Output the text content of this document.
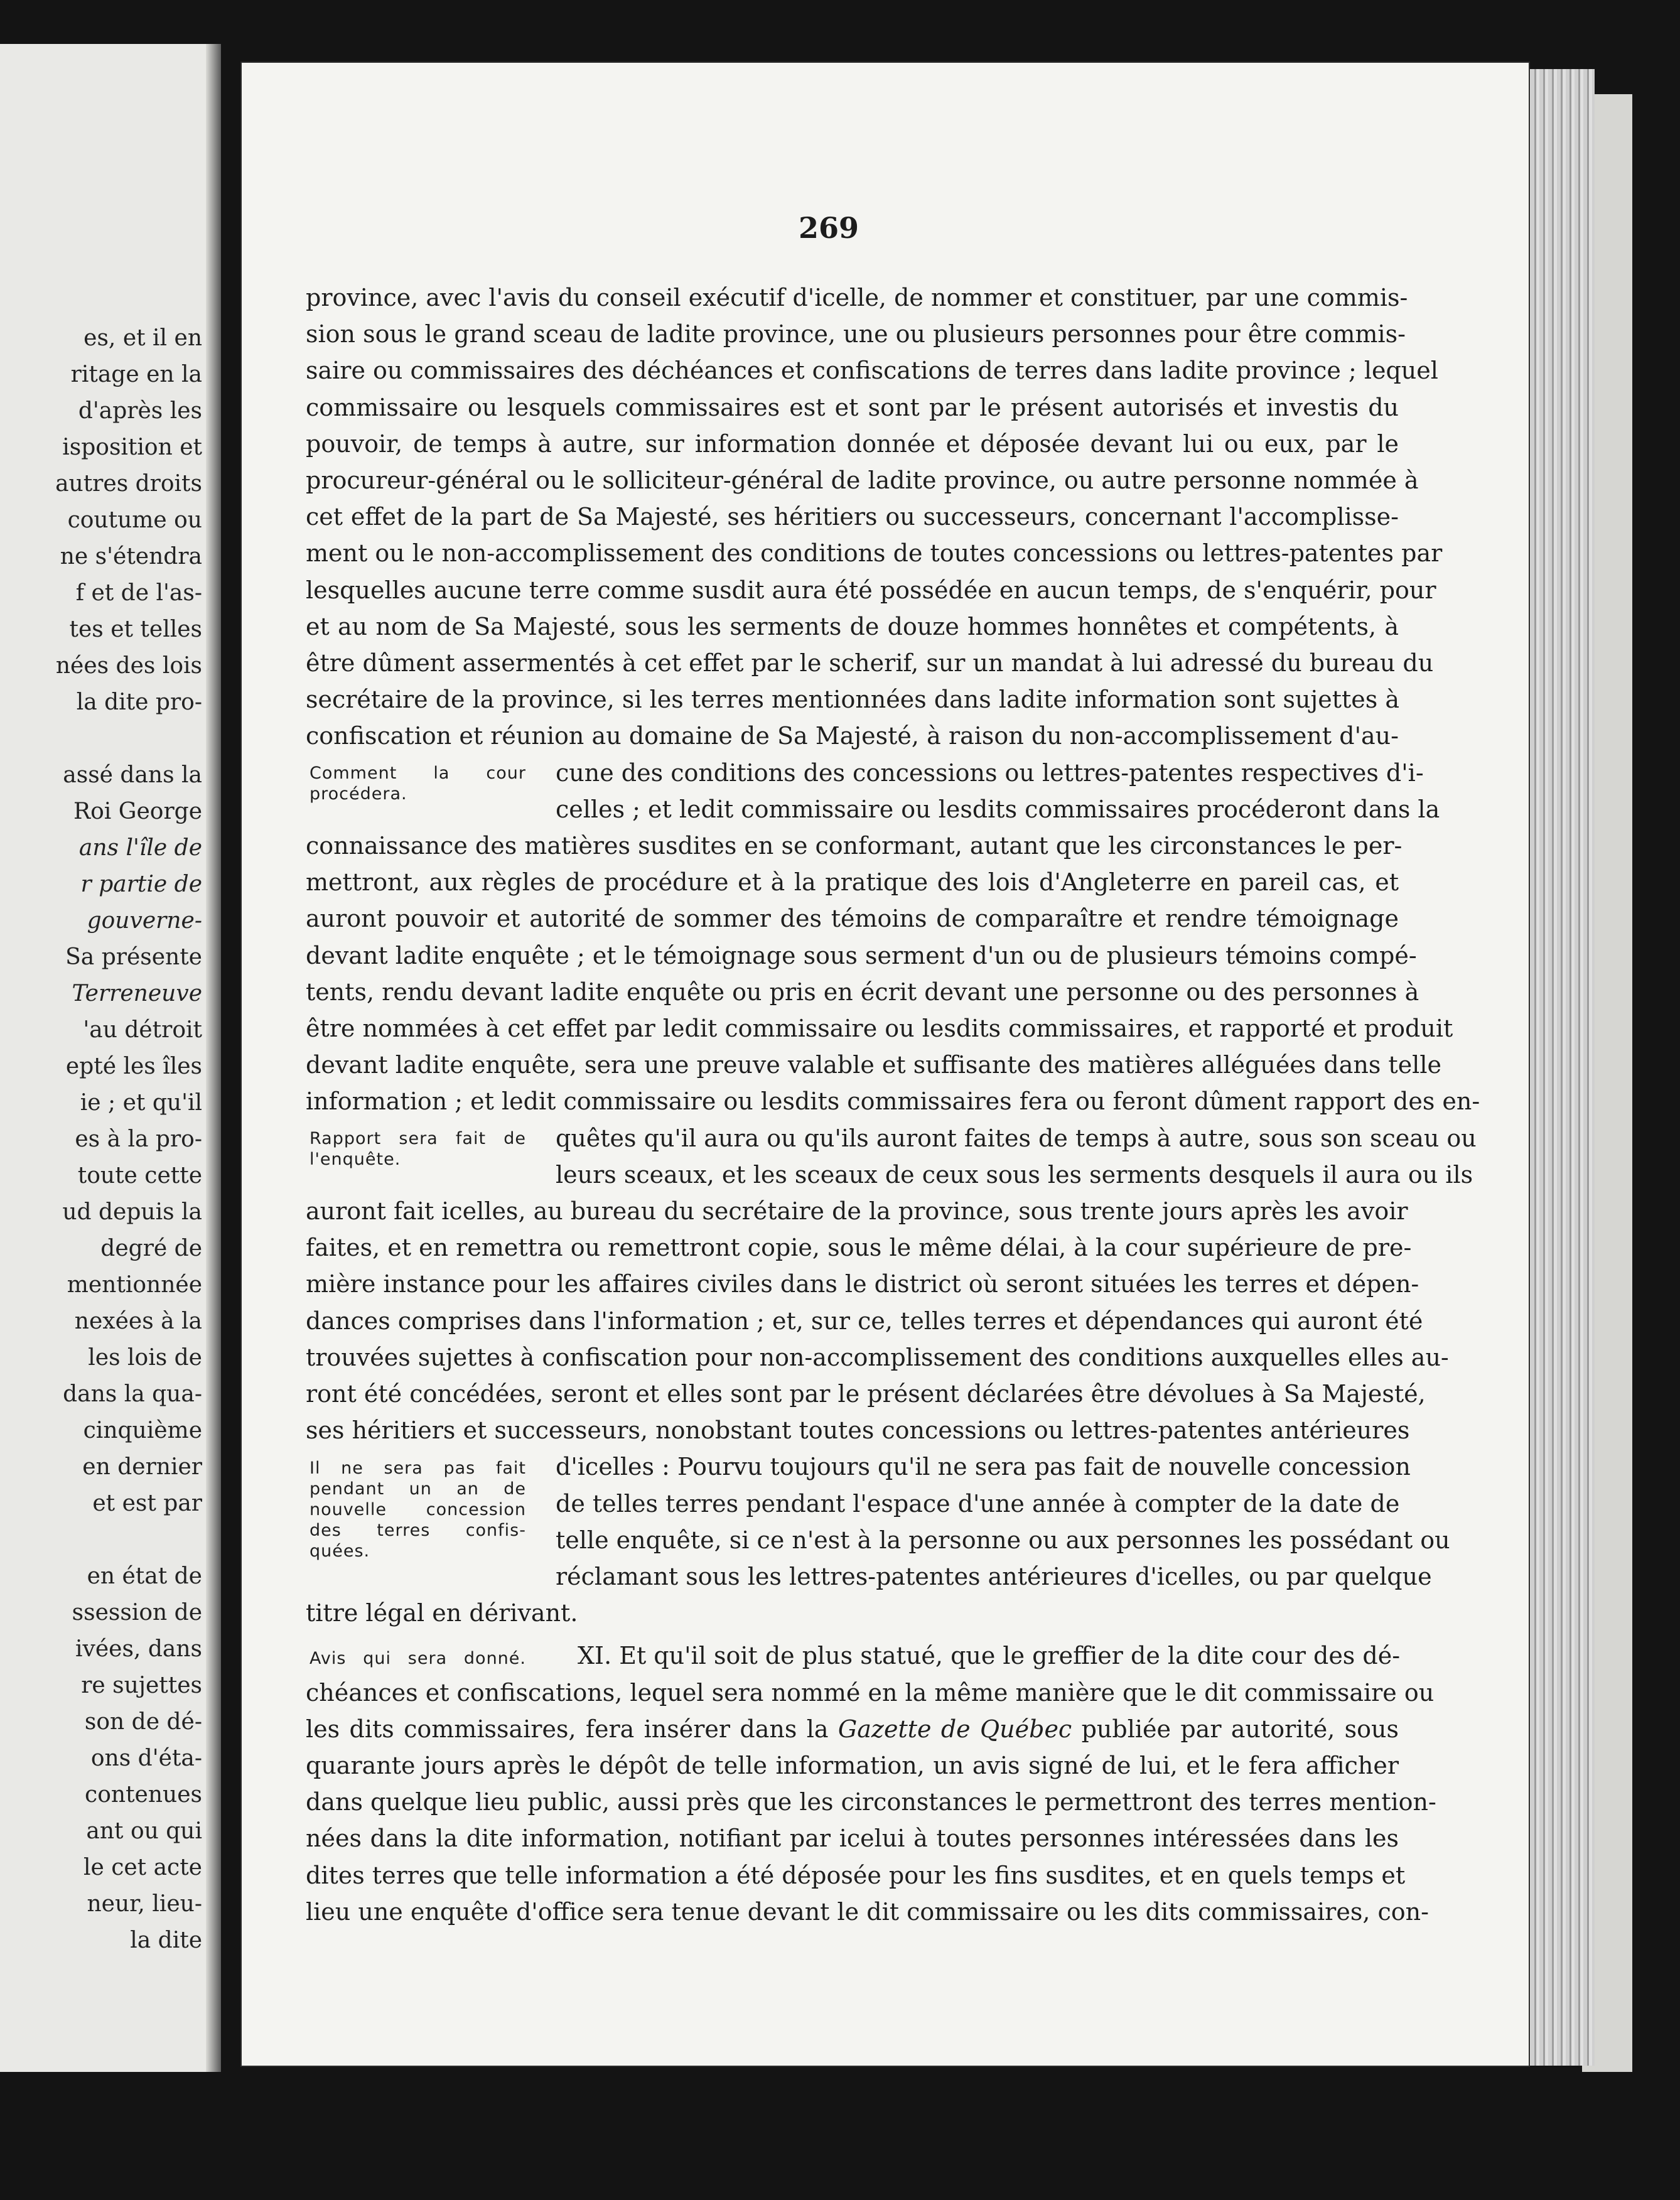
es, et il en
ritage en la
d'après les
isposition et
autres droits
coutume ou
ne s'étendra
f et de l'as-
tes et telles
nées des lois
la dite pro-
assé dans la
Roi George
ans l'île de
r partie de
gouverne-
Sa présente
Terreneuve
'au détroit
epté les îles
ie ; et qu'il
es à la pro-
toute cette
ud depuis la
degré de
mentionnée
nexées à la
les lois de
dans la qua-
cinquième
en dernier
et est par
en état de
ssession de
ivées, dans
re sujettes
son de dé-
ons d'éta-
contenues
ant ou qui
le cet acte
neur, lieu-
la dite
269
province, avec l'avis du conseil exécutif d'icelle, de nommer et constituer, par une commis-
sion sous le grand sceau de ladite province, une ou plusieurs personnes pour être commis-
saire ou commissaires des déchéances et confiscations de terres dans ladite province ; lequel
commissaire ou lesquels commissaires est et sont par le présent autorisés et investis du
pouvoir, de temps à autre, sur information donnée et déposée devant lui ou eux, par le
procureur-général ou le solliciteur-général de ladite province, ou autre personne nommée à
cet effet de la part de Sa Majesté, ses héritiers ou successeurs, concernant l'accomplisse-
ment ou le non-accomplissement des conditions de toutes concessions ou lettres-patentes par
lesquelles aucune terre comme susdit aura été possédée en aucun temps, de s'enquérir, pour
et au nom de Sa Majesté, sous les serments de douze hommes honnêtes et compétents, à
être dûment assermentés à cet effet par le scherif, sur un mandat à lui adressé du bureau du
secrétaire de la province, si les terres mentionnées dans ladite information sont sujettes à
confiscation et réunion au domaine de Sa Majesté, à raison du non-accomplissement d'au-
Comment la cour
procédera.
cune des conditions des concessions ou lettres-patentes respectives d'i-
celles ; et ledit commissaire ou lesdits commissaires procéderont dans la
connaissance des matières susdites en se conformant, autant que les circonstances le per-
mettront, aux règles de procédure et à la pratique des lois d'Angleterre en pareil cas, et
auront pouvoir et autorité de sommer des témoins de comparaître et rendre témoignage
devant ladite enquête ; et le témoignage sous serment d'un ou de plusieurs témoins compé-
tents, rendu devant ladite enquête ou pris en écrit devant une personne ou des personnes à
être nommées à cet effet par ledit commissaire ou lesdits commissaires, et rapporté et produit
devant ladite enquête, sera une preuve valable et suffisante des matières alléguées dans telle
information ; et ledit commissaire ou lesdits commissaires fera ou feront dûment rapport des en-
Rapport sera fait de
l'enquête.
quêtes qu'il aura ou qu'ils auront faites de temps à autre, sous son sceau ou
leurs sceaux, et les sceaux de ceux sous les serments desquels il aura ou ils
auront fait icelles, au bureau du secrétaire de la province, sous trente jours après les avoir
faites, et en remettra ou remettront copie, sous le même délai, à la cour supérieure de pre-
mière instance pour les affaires civiles dans le district où seront situées les terres et dépen-
dances comprises dans l'information ; et, sur ce, telles terres et dépendances qui auront été
trouvées sujettes à confiscation pour non-accomplissement des conditions auxquelles elles au-
ront été concédées, seront et elles sont par le présent déclarées être dévolues à Sa Majesté,
ses héritiers et successeurs, nonobstant toutes concessions ou lettres-patentes antérieures
Il ne sera pas fait
pendant un an de
nouvelle concession
des terres confis-
quées.
d'icelles : Pourvu toujours qu'il ne sera pas fait de nouvelle concession
de telles terres pendant l'espace d'une année à compter de la date de
telle enquête, si ce n'est à la personne ou aux personnes les possédant ou
réclamant sous les lettres-patentes antérieures d'icelles, ou par quelque
titre légal en dérivant.
Avis qui sera donné. XI. Et qu'il soit de plus statué, que le greffier de la dite cour des dé-
chéances et confiscations, lequel sera nommé en la même manière que le dit commissaire ou
les dits commissaires, fera insérer dans la Gazette de Québec publiée par autorité, sous
quarante jours après le dépôt de telle information, un avis signé de lui, et le fera afficher
dans quelque lieu public, aussi près que les circonstances le permettront des terres mention-
nées dans la dite information, notifiant par icelui à toutes personnes intéressées dans les
dites terres que telle information a été déposée pour les fins susdites, et en quels temps et
lieu une enquête d'office sera tenue devant le dit commissaire ou les dits commissaires, con-
